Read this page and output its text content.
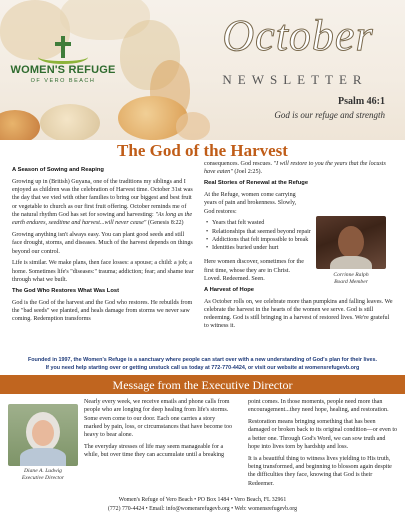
WOMEN'S REFUGE
OF VERO BEACH
October
NEWSLETTER
Psalm 46:1
God is our refuge and strength
The God of the Harvest
A Season of Sowing and Reaping

Growing up in (British) Guyana, one of the traditions my siblings and I enjoyed as children was the celebration of Harvest time. October 31st was the day that we vied with other families to bring our biggest and best fruit or vegetable to church as our first fruit offering. October reminds me of the natural rhythm God has set for sowing and harvesting: "As long as the earth endures, seedtime and harvest...will never cease" (Genesis 8:22)

Growing anything isn't always easy. You can plant good seeds and still face drought, storms, and diseases. Much of the harvest depends on things beyond our control.

Life is similar. We make plans, then face losses: a spouse; a child: a job; a home. Sometimes life's "diseases:" trauma; addiction; fear; and shame tear through what we built.

The God Who Restores What Was Lost

God is the God of the harvest and the God who restores. He rebuilds from the "bad seeds" we planted, and heals damage from storms we never saw coming. Redemption transforms

consequences. God rescues. "I will restore to you the years that the locusts have eaten" (Joel 2:25).

Real Stories of Renewal at the Refuge

At the Refuge, women come carrying years of pain and brokenness. Slowly, God restores:

• Years that felt wasted
• Relationships that seemed beyond repair
• Addictions that felt impossible to break
• Identities buried under hurt

Here women discover, sometimes for the first time, whose they are in Christ. Loved. Redeemed. Seen.

A Harvest of Hope

As October rolls on, we celebrate more than pumpkins and falling leaves. We celebrate the harvest in the hearts of the women we serve. God is still redeeming. God is still bringing in a harvest of restored lives. We're grateful to witness it.

Corrinne Ralph
Board Member
Founded in 1997, the Women's Refuge is a sanctuary where people can start over with a new understanding of God's plan for their lives.
If you need help starting over or getting unstuck call us today at 772-770-4424, or visit our website at womensrefugevb.org
Message from the Executive Director
Diane A. Ludwig
Executive Director

Nearly every week, we receive emails and phone calls from people who are longing for deep healing from life's storms. Some even come to our door. Each one carries a story marked by pain, loss, or circumstances that have become too heavy to bear alone.

The everyday stresses of life may seem manageable for a while, but over time they can accumulate until a breaking

point comes. In those moments, people need more than encouragement...they need hope, healing, and restoration.

Restoration means bringing something that has been damaged or broken back to its original condition—or even to a better one. Through God's Word, we can sow truth and hope into lives torn by hardship and loss.

It is a beautiful thing to witness lives yielding to His truth, being transformed, and beginning to blossom again despite the difficulties they face, knowing that God is their Redeemer.

Women's Refuge of Vero Beach • PO Box 1484 • Vero Beach, FL 32961
(772) 770-4424 • Email: info@womensrefugevb.org • Web: womensrefugevb.org
